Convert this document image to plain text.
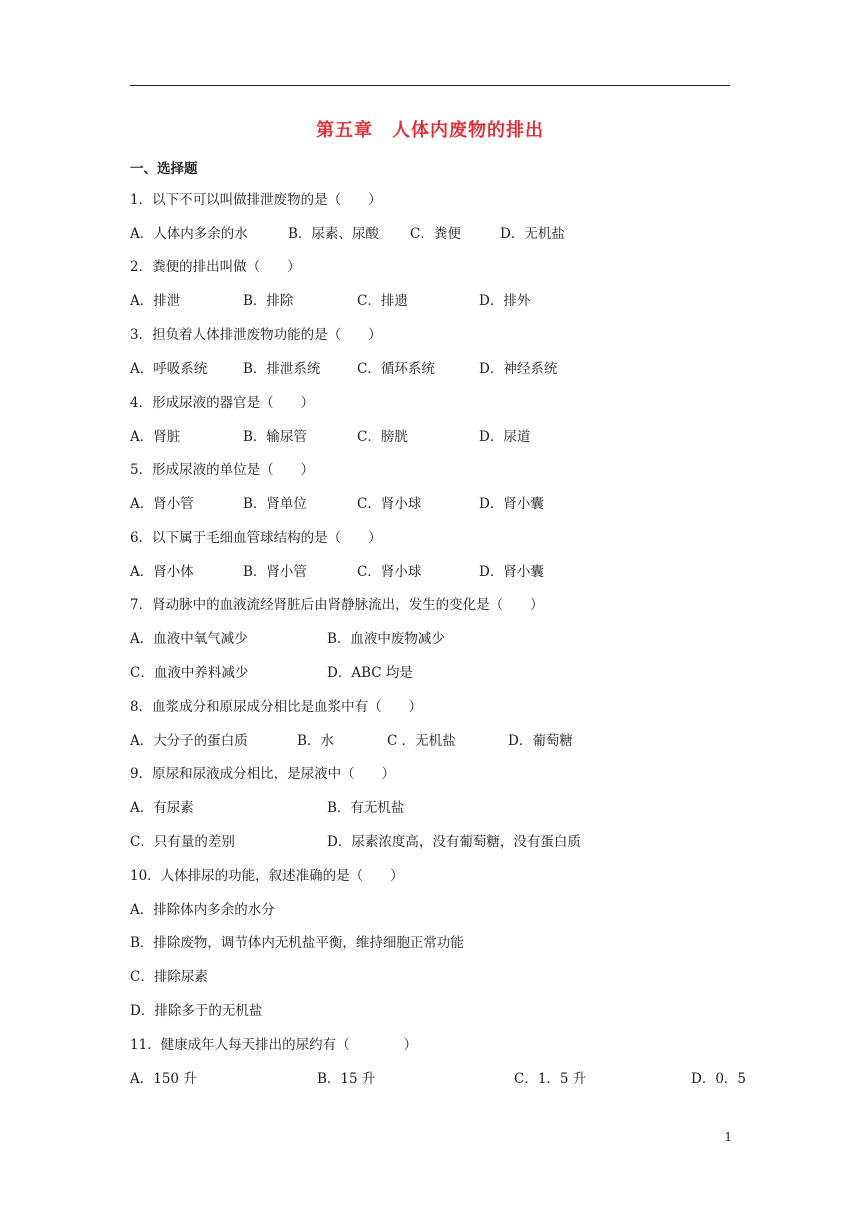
第五章　人体内废物的排出
一、选择题
1．以下不可以叫做排泄废物的是（　　）
A．人体内多余的水	B．尿素、尿酸 C．粪便	D．无机盐
2．粪便的排出叫做（　　）
A．排泄	B．排除	C．排遗	D．排外
3．担负着人体排泄废物功能的是（　　）
A．呼吸系统	B．排泄系统	C．循环系统	D．神经系统
4．形成尿液的器官是（　　）
A．肾脏	B．输尿管	C．膀胱	D．尿道
5．形成尿液的单位是（　　）
A．肾小管	B．肾单位	C．肾小球	D．肾小囊
6．以下属于毛细血管球结构的是（　　）
A．肾小体	B．肾小管	C．肾小球	D．肾小囊
7．肾动脉中的血液流经肾脏后由肾静脉流出，发生的变化是（　　）
A．血液中氧气减少	B．血液中废物减少
C．血液中养料减少	D．ABC 均是
8．血浆成分和原尿成分相比是血浆中有（　　）
A．大分子的蛋白质	B．水	C ．无机盐	D．葡萄糖
9．原尿和尿液成分相比，是尿液中（　　）
A．有尿素	B．有无机盐
C．只有量的差别	D．尿素浓度高，没有葡萄糖，没有蛋白质
10．人体排尿的功能，叙述准确的是（　　）
A．排除体内多余的水分
B．排除废物，调节体内无机盐平衡，维持细胞正常功能
C．排除尿素
D．排除多于的无机盐
11．健康成年人每天排出的尿约有（　　　　）
A．150 升	B．15 升	C．1．5 升	D．0．5
1
